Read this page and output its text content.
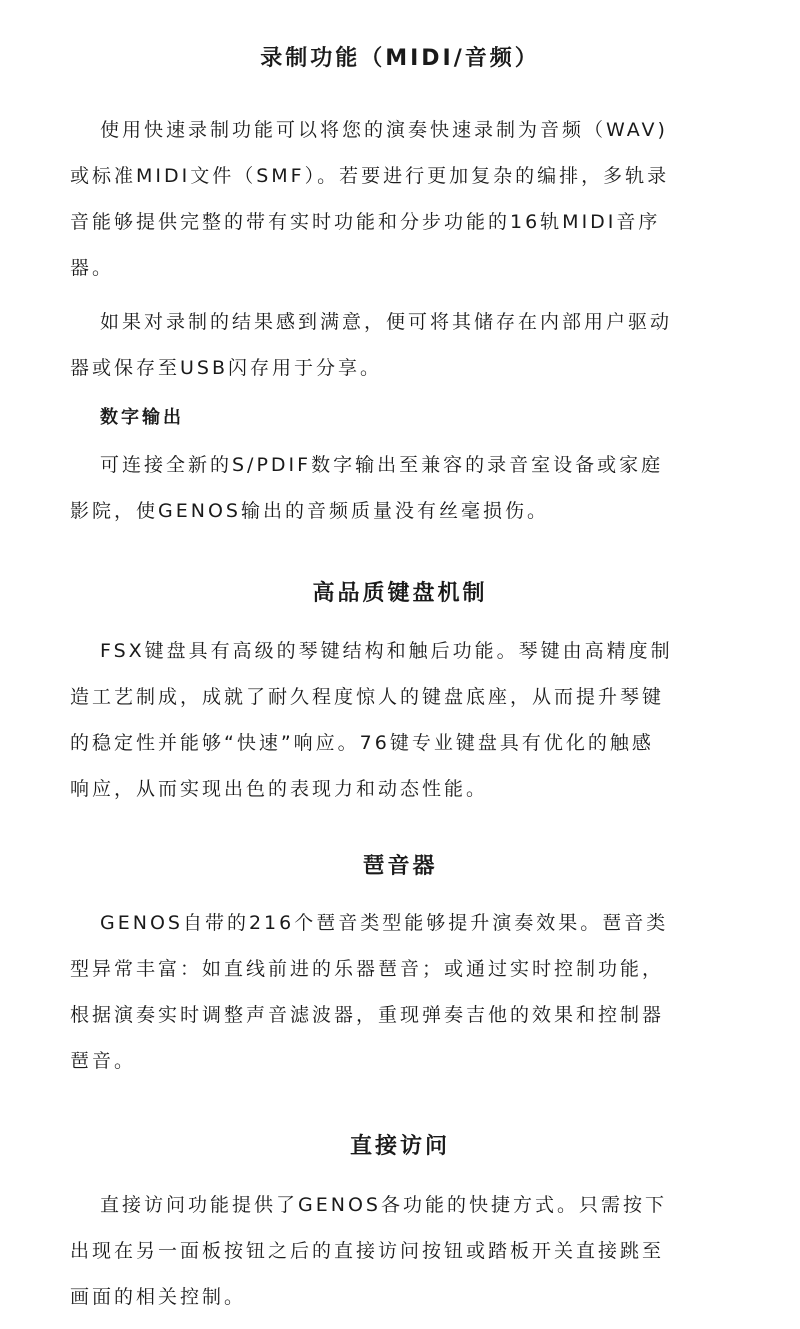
录制功能（MIDI/音频）
使用快速录制功能可以将您的演奏快速录制为音频（WAV)
或标准MIDI文件（SMF）。若要进行更加复杂的编排，多轨录
音能够提供完整的带有实时功能和分步功能的16轨MIDI音序
器。
如果对录制的结果感到满意，便可将其储存在内部用户驱动
器或保存至USB闪存用于分享。
数字输出
可连接全新的S/PDIF数字输出至兼容的录音室设备或家庭
影院，使GENOS输出的音频质量没有丝毫损伤。
高品质键盘机制
FSX键盘具有高级的琴键结构和触后功能。琴键由高精度制
造工艺制成，成就了耐久程度惊人的键盘底座，从而提升琴键
的稳定性并能够“快速”响应。76键专业键盘具有优化的触感
响应，从而实现出色的表现力和动态性能。
琶音器
GENOS自带的216个琶音类型能够提升演奏效果。琶音类
型异常丰富：如直线前进的乐器琶音；或通过实时控制功能，
根据演奏实时调整声音滤波器，重现弹奏吉他的效果和控制器
琶音。
直接访问
直接访问功能提供了GENOS各功能的快捷方式。只需按下
出现在另一面板按钮之后的直接访问按钮或踏板开关直接跳至
画面的相关控制。
